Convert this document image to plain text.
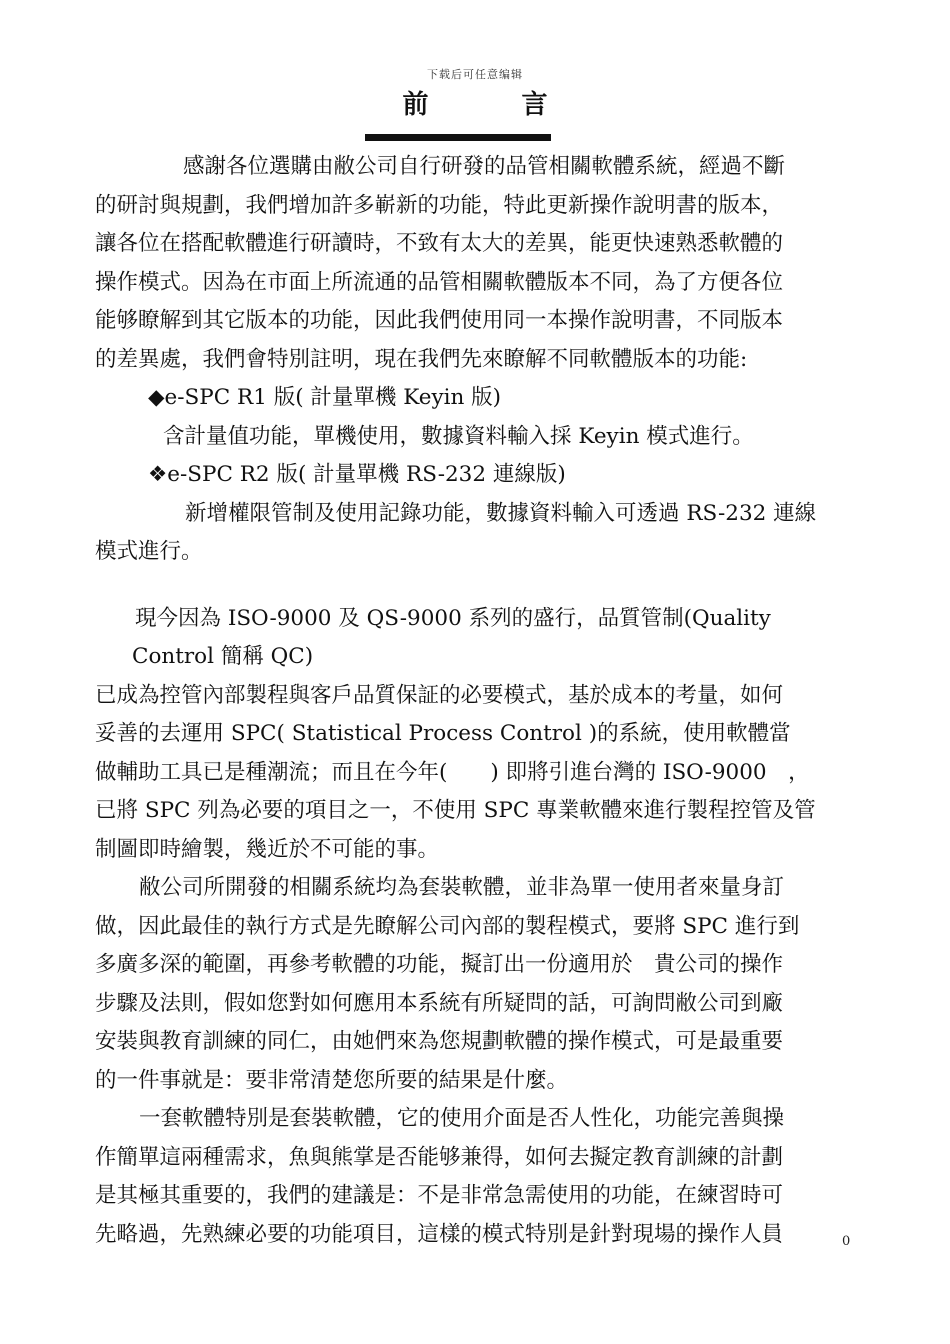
下载后可任意编辑
前 言
感謝各位選購由敝公司自行研發的品管相關軟體系統，經過不斷
的研討與規劃，我們增加許多嶄新的功能，特此更新操作說明書的版本，
讓各位在搭配軟體進行研讀時，不致有太大的差異，能更快速熟悉軟體的
操作模式。因為在市面上所流通的品管相關軟體版本不同，為了方便各位
能够瞭解到其它版本的功能，因此我們使用同一本操作說明書，不同版本
的差異處，我們會特別註明，現在我們先來瞭解不同軟體版本的功能:
◆e-SPC R1 版( 計量單機 Keyin 版)
含計量值功能，單機使用，數據資料輸入採 Keyin 模式進行。
❖e-SPC R2 版( 計量單機 RS-232 連線版)
新增權限管制及使用記錄功能，數據資料輸入可透過 RS-232 連線
模式進行。
現今因為 ISO-9000 及 QS-9000 系列的盛行，品質管制(Quality
Control 簡稱 QC)
已成為控管內部製程與客戶品質保証的必要模式，基於成本的考量，如何
妥善的去運用 SPC( Statistical Process Control )的系統，使用軟體當
做輔助工具已是種潮流；而且在今年(　　) 即將引進台灣的 ISO-9000　，
已將 SPC 列為必要的項目之一，不使用 SPC 專業軟體來進行製程控管及管
制圖即時繪製，幾近於不可能的事。
敝公司所開發的相關系統均為套裝軟體，並非為單一使用者來量身訂
做，因此最佳的執行方式是先瞭解公司內部的製程模式，要將 SPC 進行到
多廣多深的範圍，再參考軟體的功能，擬訂出一份適用於　貴公司的操作
步驟及法則，假如您對如何應用本系統有所疑問的話，可詢問敝公司到廠
安裝與教育訓練的同仁，由她們來為您規劃軟體的操作模式，可是最重要
的一件事就是：要非常清楚您所要的結果是什麼。
一套軟體特別是套裝軟體，它的使用介面是否人性化，功能完善與操
作簡單這兩種需求，魚與熊掌是否能够兼得，如何去擬定教育訓練的計劃
是其極其重要的，我們的建議是：不是非常急需使用的功能，在練習時可
先略過，先熟練必要的功能項目，這樣的模式特別是針對現場的操作人員	0
